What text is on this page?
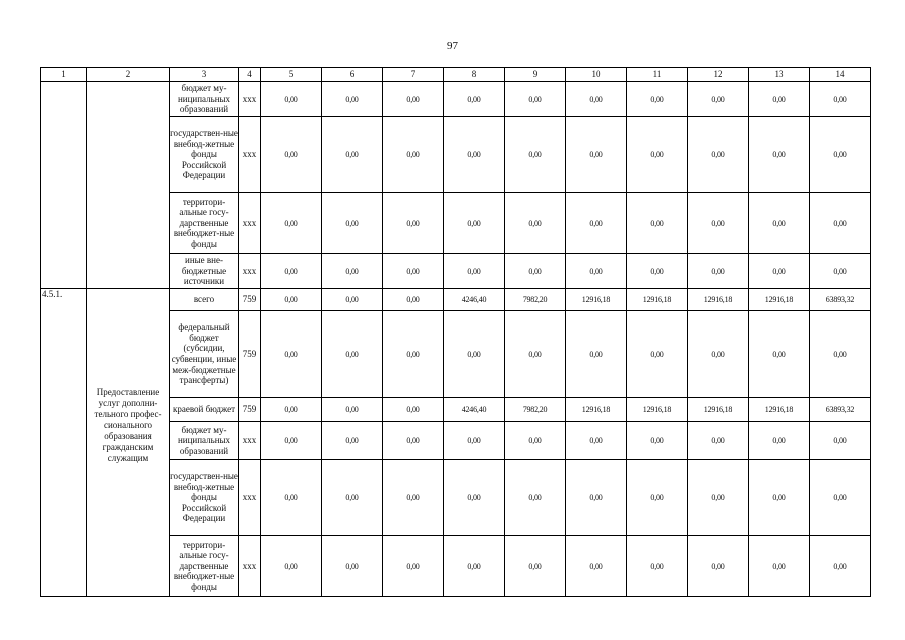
97
1	2	3	4	5	6	7	8	9	10	11	12	13	14
		бюджет му-ниципальных образований	ххх	0,00	0,00	0,00	0,00	0,00	0,00	0,00	0,00	0,00	0,00
		государствен-ные внебюд-жетные фонды Российской Федерации	ххх	0,00	0,00	0,00	0,00	0,00	0,00	0,00	0,00	0,00	0,00
		территори-альные госу-дарственные внебюджет-ные фонды	ххх	0,00	0,00	0,00	0,00	0,00	0,00	0,00	0,00	0,00	0,00
		иные вне-бюджетные источники	ххх	0,00	0,00	0,00	0,00	0,00	0,00	0,00	0,00	0,00	0,00
4.5.1.	Предоставление услуг дополни-тельного профес-сионального образования гражданским служащим	всего	759	0,00	0,00	0,00	4246,40	7982,20	12916,18	12916,18	12916,18	12916,18	63893,32
		федеральный бюджет (субсидии, субвенции, иные меж-бюджетные трансферты)	759	0,00	0,00	0,00	0,00	0,00	0,00	0,00	0,00	0,00	0,00
		краевой бюджет	759	0,00	0,00	0,00	4246,40	7982,20	12916,18	12916,18	12916,18	12916,18	63893,32
		бюджет му-ниципальных образований	ххх	0,00	0,00	0,00	0,00	0,00	0,00	0,00	0,00	0,00	0,00
		государствен-ные внебюд-жетные фонды Российской Федерации	ххх	0,00	0,00	0,00	0,00	0,00	0,00	0,00	0,00	0,00	0,00
		территори-альные госу-дарственные внебюджет-ные фонды	ххх	0,00	0,00	0,00	0,00	0,00	0,00	0,00	0,00	0,00	0,00
